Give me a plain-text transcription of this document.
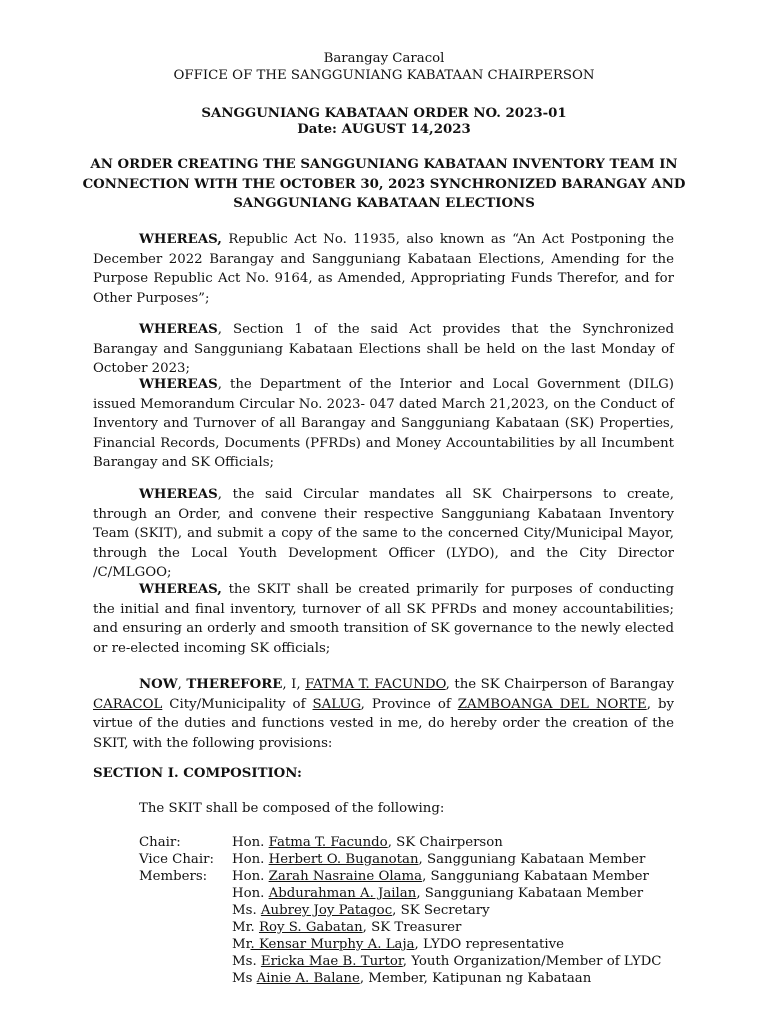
Barangay Caracol
OFFICE OF THE SANGGUNIANG KABATAAN CHAIRPERSON
SANGGUNIANG KABATAAN ORDER NO. 2023-01
Date: AUGUST 14,2023
AN ORDER CREATING THE SANGGUNIANG KABATAAN INVENTORY TEAM IN
CONNECTION WITH THE OCTOBER 30, 2023 SYNCHRONIZED BARANGAY AND
SANGGUNIANG KABATAAN ELECTIONS
WHEREAS, Republic Act No. 11935, also known as “An Act Postponing the December 2022 Barangay and Sangguniang Kabataan Elections, Amending for the Purpose Republic Act No. 9164, as Amended, Appropriating Funds Therefor, and for Other Purposes”;
WHEREAS, Section 1 of the said Act provides that the Synchronized Barangay and Sangguniang Kabataan Elections shall be held on the last Monday of October 2023;
WHEREAS, the Department of the Interior and Local Government (DILG) issued Memorandum Circular No. 2023- 047 dated March 21,2023, on the Conduct of Inventory and Turnover of all Barangay and Sangguniang Kabataan (SK) Properties, Financial Records, Documents (PFRDs) and Money Accountabilities by all Incumbent Barangay and SK Officials;
WHEREAS, the said Circular mandates all SK Chairpersons to create, through an Order, and convene their respective Sangguniang Kabataan Inventory Team (SKIT), and submit a copy of the same to the concerned City/Municipal Mayor, through the Local Youth Development Officer (LYDO), and the City Director /C/MLGOO;
WHEREAS, the SKIT shall be created primarily for purposes of conducting the initial and final inventory, turnover of all SK PFRDs and money accountabilities; and ensuring an orderly and smooth transition of SK governance to the newly elected or re-elected incoming SK officials;
NOW, THEREFORE, I, FATMA T. FACUNDO, the SK Chairperson of Barangay CARACOL City/Municipality of SALUG, Province of ZAMBOANGA DEL NORTE, by virtue of the duties and functions vested in me, do hereby order the creation of the SKIT, with the following provisions:
SECTION I. COMPOSITION:
The SKIT shall be composed of the following:
Chair:	Hon. Fatma T. Facundo, SK Chairperson
Vice Chair: Hon. Herbert O. Buganotan, Sangguniang Kabataan Member
Members: Hon. Zarah Nasraine Olama, Sangguniang Kabataan Member
Hon. Abdurahman A. Jailan, Sangguniang Kabataan Member
Ms. Aubrey Joy Patagoc, SK Secretary
Mr. Roy S. Gabatan, SK Treasurer
Mr. Kensar Murphy A. Laja, LYDO representative
Ms. Ericka Mae B. Turtor, Youth Organization/Member of LYDC
Ms Ainie A. Balane, Member, Katipunan ng Kabataan
